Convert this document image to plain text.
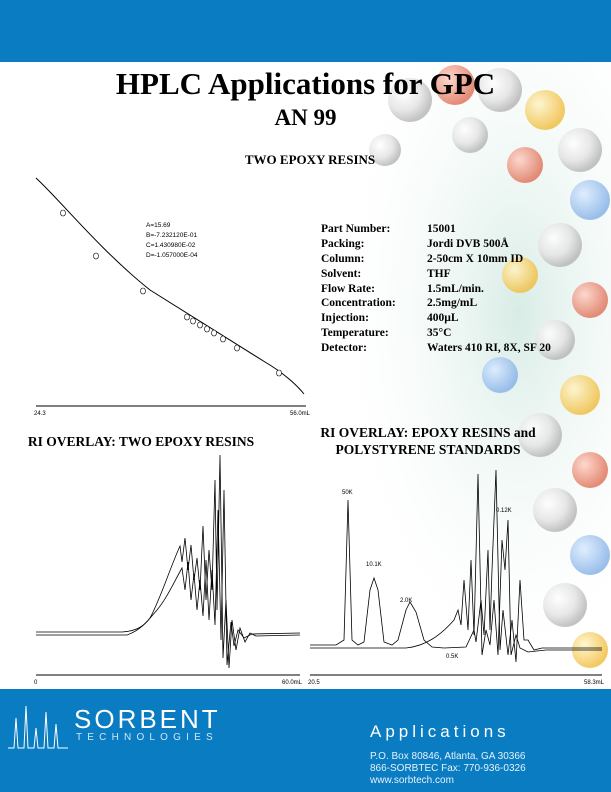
HPLC Applications for GPC
AN 99
TWO EPOXY RESINS
A=15.69
B=-7.232120E-01
C=1.430980E-02
D=-1.057000E-04
24.3	56.0mL
Part Number:	15001
Packing:	Jordi DVB 500Å
Column:	2-50cm X 10mm ID
Solvent:	THF
Flow Rate:	1.5mL/min.
Concentration:	2.5mg/mL
Injection:	400µL
Temperature:	35°C
Detector:	Waters 410 RI, 8X, SF 20
RI OVERLAY: TWO EPOXY RESINS
0	60.0mL
RI OVERLAY: EPOXY RESINS and
POLYSTYRENE STANDARDS
50K
10.1K
2.0K
0.12K
0.5K
20.5	58.3mL
SORBENT
TECHNOLOGIES	Applications
P.O. Box 80846, Atlanta, GA 30366
866-SORBTEC Fax: 770-936-0326
www.sorbtech.com
